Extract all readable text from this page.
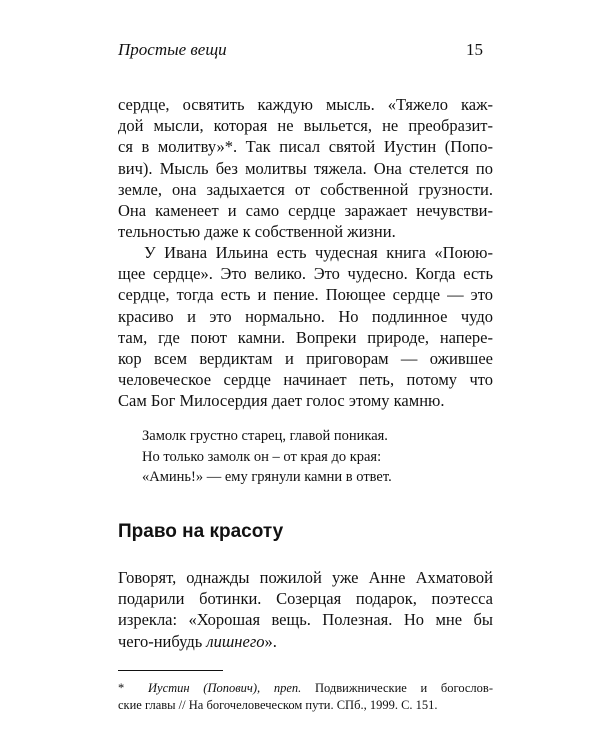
Простые вещи	15
сердце, освятить каждую мысль. «Тяжело каж-
дой мысли, которая не выльется, не преобразит-
ся в молитву»*. Так писал святой Иустин (Попо-
вич). Мысль без молитвы тяжела. Она стелется по
земле, она задыхается от собственной грузности.
Она каменеет и само сердце заражает нечувстви-
тельностью даже к собственной жизни.
У Ивана Ильина есть чудесная книга «Поюю-
щее сердце». Это велико. Это чудесно. Когда есть
сердце, тогда есть и пение. Поющее сердце — это
красиво и это нормально. Но подлинное чудо
там, где поют камни. Вопреки природе, напере-
кор всем вердиктам и приговорам — ожившее
человеческое сердце начинает петь, потому что
Сам Бог Милосердия дает голос этому камню.
Замолк грустно старец, главой поникая.
Но только замолк он – от края до края:
«Аминь!» — ему грянули камни в ответ.
Право на красоту
Говорят, однажды пожилой уже Анне Ахматовой
подарили ботинки. Созерцая подарок, поэтесса
изрекла: «Хорошая вещь. Полезная. Но мне бы
чего-нибудь лишнего».
* Иустин (Попович), преп. Подвижнические и богослов-
ские главы // На богочеловеческом пути. СПб., 1999. С. 151.
